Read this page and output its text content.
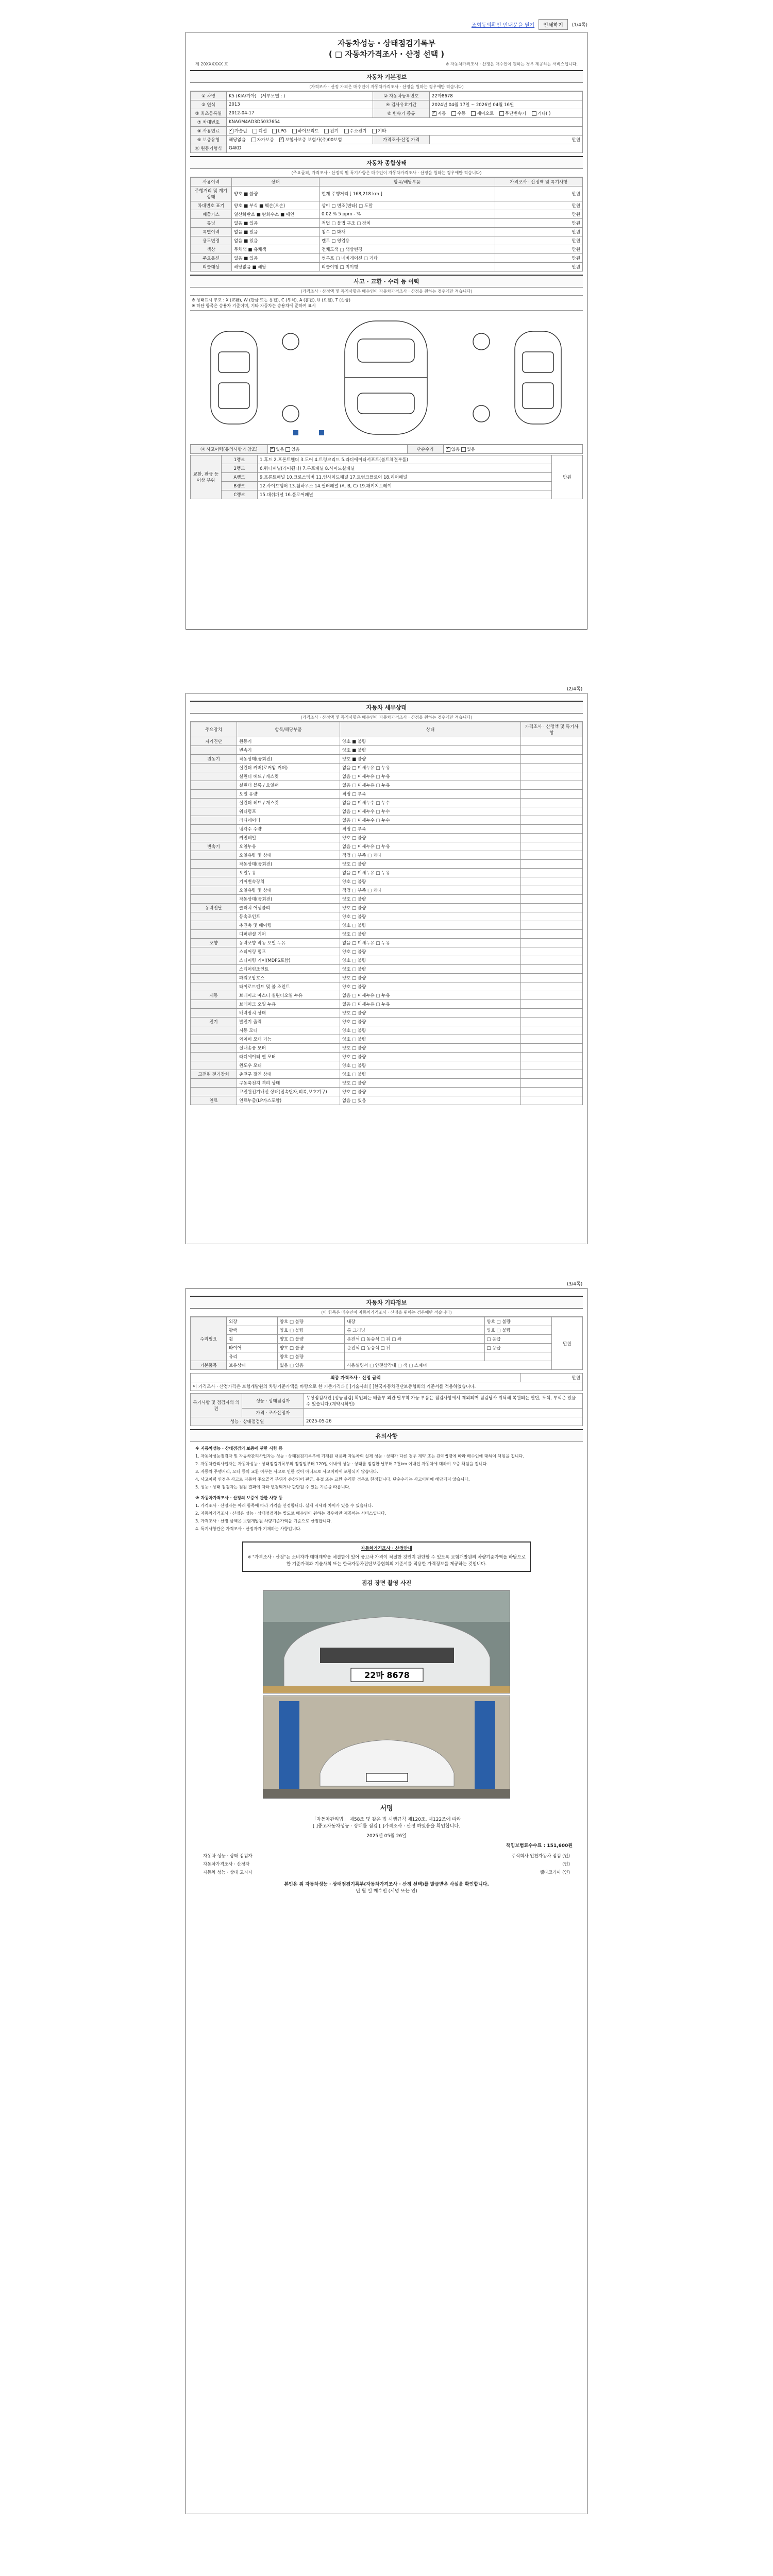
조회동의확인 안내문을 열기	인쇄하기	(1/4쪽)
자동차성능 · 상태점검기록부
( □ 자동차가격조사 · 산정 선택 )
제 20XXXXXX 호	※ 자동차가격조사 · 산정은 매수인이 원하는 경우 제공하는 서비스입니다.
자동차 기본정보
(가격조사 · 산정 가격은 매수인이 자동차가격조사 · 산정을 원하는 경우에만 적습니다)
① 차명	K5 (KIA/기아) (세부모델 : )	② 자동차등록번호	22마8678
③ 연식	2013	④ 검사유효기간	2024년 04월 17일 ~ 2026년 04월 16일
⑤ 최초등록일	2012-04-17	⑥ 변속기 종류	✓자동 수동 세미오토 무단변속기 기타( )
⑦ 차대번호	KNAGM4AD3D5037654		
⑧ 사용연료	✓가솔린 디젤 LPG 하이브리드 전기 수소전기 기타
⑨ 보증유형	해당없음 자가보증 ✓ 보험사보증 보험사(주)00보험	가격조사·산정 가격	만원
⑪ 원동기형식	G4KD		
자동차 종합상태
(주요골격, 가격조사 · 산정액 및 특기사항은 매수인이 자동차가격조사 · 산정을 원하는 경우에만 적습니다)
사용이력	상태	항목/해당부품	가격조사 · 산정액 및 특기사항
주행거리 및 계기상태	양호 ■ 불량	현재 주행거리 [ 168,218 km ]	만원
차대번호 표기	양호 ■ 부식 ■ 훼손(오손)	상이 □ 변조(변타) □ 도말	만원
배출가스	일산화탄소 ■ 탄화수소 ■ 매연	0.02 % 5 ppm - %	만원
튜닝	없음 ■ 있음	적법 □ 불법 구조 □ 장치	만원
특별이력	없음 ■ 있음	침수 □ 화재	만원
용도변경	없음 ■ 있음	렌트 □ 영업용	만원
색상	무채색 ■ 유채색	전체도색 □ 색상변경	만원
주요옵션	없음 ■ 있음	썬루프 □ 네비게이션 □ 기타	만원
리콜대상	해당없음 ■ 해당	리콜이행 □ 미이행	만원
사고 · 교환 · 수리 등 이력
(가격조사 · 산정액 및 특기사항은 매수인이 자동차가격조사 · 산정을 원하는 경우에만 적습니다)
※ 상태표시 부호 : X (교환), W (판금 또는 용접), C (부식), A (흠집), U (요철), T (손상)
※ 하단 항목은 승용차 기준이며, 기타 자동차는 승용차에 준하여 표시
⑭ 사고이력(유의사항 4 참조)	✓없음 있음	단순수리	✓없음 있음
교환, 판금 등 이상 부위	1랭크	1.후드 2.프론트휀더 3.도어 4.트렁크리드 5.라디에이터서포트(볼트체결부품)	만원
	2랭크	6.쿼터패널(리어휀더) 7.루프패널 8.사이드실패널	
	A랭크	9.프론트패널 10.크로스멤버 11.인사이드패널 17.트렁크플로어 18.리어패널	
	B랭크	12.사이드멤버 13.휠하우스 14.필러패널 (A, B, C) 19.패키지트레이	
	C랭크	15.대쉬패널 16.플로어패널	
(2/4쪽)
자동차 세부상태
(가격조사 · 산정액 및 특기사항은 매수인이 자동차가격조사 · 산정을 원하는 경우에만 적습니다)
주요장치	항목/해당부품	상태	가격조사 · 산정액 및 특기사항
자기진단	원동기	양호 ■ 불량	
	변속기	양호 ■ 불량	
원동기	작동상태(공회전)	양호 ■ 불량	
	실린더 커버(로커암 커버)	없음 □ 미세누유 □ 누유	
	실린더 헤드 / 개스킷	없음 □ 미세누유 □ 누유	
	실린더 블록 / 오일팬	없음 □ 미세누유 □ 누유	
	오일 유량	적정 □ 부족	
	실린더 헤드 / 개스킷	없음 □ 미세누수 □ 누수	
	워터펌프	없음 □ 미세누수 □ 누수	
	라디에이터	없음 □ 미세누수 □ 누수	
	냉각수 수량	적정 □ 부족	
	커먼레일	양호 □ 불량	
변속기	오일누유	없음 □ 미세누유 □ 누유	
	오일유량 및 상태	적정 □ 부족 □ 과다	
	작동상태(공회전)	양호 □ 불량	
	오일누유	없음 □ 미세누유 □ 누유	
	기어변속장치	양호 □ 불량	
	오일유량 및 상태	적정 □ 부족 □ 과다	
	작동상태(공회전)	양호 □ 불량	
동력전달	클러치 어셈블리	양호 □ 불량	
	등속조인트	양호 □ 불량	
	추진축 및 베어링	양호 □ 불량	
	디퍼렌셜 기어	양호 □ 불량	
조향	동력조향 작동 오일 누유	없음 □ 미세누유 □ 누유	
	스티어링 펌프	양호 □ 불량	
	스티어링 기어(MDPS포함)	양호 □ 불량	
	스티어링조인트	양호 □ 불량	
	파워고압호스	양호 □ 불량	
	타이로드엔드 및 볼 조인트	양호 □ 불량	
제동	브레이크 마스터 실린더오일 누유	없음 □ 미세누유 □ 누유	
	브레이크 오일 누유	없음 □ 미세누유 □ 누유	
	배력장치 상태	양호 □ 불량	
전기	발전기 출력	양호 □ 불량	
	시동 모터	양호 □ 불량	
	와이퍼 모터 기능	양호 □ 불량	
	실내송풍 모터	양호 □ 불량	
	라디에이터 팬 모터	양호 □ 불량	
	윈도우 모터	양호 □ 불량	
고전원 전기장치	충전구 절연 상태	양호 □ 불량	
	구동축전지 격리 상태	양호 □ 불량	
	고전원전기배선 상태(접속단자,피복,보호기구)	양호 □ 불량	
연료	연료누출(LP가스포함)	없음 □ 있음	
(3/4쪽)
자동차 기타정보
(이 항목은 매수인이 자동차가격조사 · 산정을 원하는 경우에만 적습니다)
수리필요	외장	양호 □ 불량	내장	양호 □ 불량	만원
	광택	양호 □ 불량	룸 크리닝	양호 □ 불량	
	휠	양호 □ 불량	운전석 □ 동승석 □ 뒤 □ 좌	□ 응급	
	타이어	양호 □ 불량	운전석 □ 동승석 □ 뒤	□ 응급	
	유리	양호 □ 불량			
기본품목	보유상태	없음 □ 있음	사용설명서 □ 안전삼각대 □ 잭 □ 스패너		
최종 가격조사 · 산정 금액	만원
이 가격조사 · 산정가격은 보험개발원의 차량기준가액을 바탕으로 한 기준가격과 [ ]기술사회 [ ]한국자동차진단보증협회의 기준서를 적용하였습니다.
특기사항 및 점검자의 의견	성능 · 상태점검자	무상점검사인 [성능점검] 확인되는 배출부 외관 탈부착 가능 부품은 점검사항에서 제외되며 점검당사 위탁해 복원되는 판단, 도색, 부식은 있을 수 있습니다.(계약시확인)
	가격 · 조사산정자	
성능 · 상태점검일		2025-05-26
유의사항

※ 자동차성능 · 상태점검의 보증에 관한 사항 등

1. 자동차성능점검자 및 자동차관리사업자는 성능 · 상태점검기록부에 기재된 내용과 자동차의 실제 성능 · 상태가 다른 경우 계약 또는 관계법령에 따라 매수인에 대하여 책임을 집니다.

2. 자동차관리사업자는 자동차성능 · 상태점검기록부의 점검일부터 120일 이내에 성능 · 상태를 점검한 날부터 2천km 이내인 자동차에 대하여 보증 책임을 집니다.

3. 자동차 주행거리, 모터 등의 교환 여부는 사고로 인한 것이 아니므로 사고이력에 포함되지 않습니다.

4. 사고이력 인정은 사고로 자동차 주요골격 부위가 손상되어 판금, 용접 또는 교환 수리한 경우로 한정합니다. 단순수리는 사고이력에 해당되지 않습니다.

5. 성능 · 상태 점검자는 점검 결과에 따라 변경되거나 판단될 수 있는 기준을 따릅니다.

※ 자동차가격조사 · 산정의 보증에 관한 사항 등

1. 가격조사 · 산정자는 아래 항목에 따라 가격을 산정합니다. 실제 시세와 차이가 있을 수 있습니다.

2. 자동차가격조사 · 산정은 성능 · 상태점검과는 별도로 매수인이 원하는 경우에만 제공하는 서비스입니다.

3. 가격조사 · 산정 금액은 보험개발원 차량기준가액을 기준으로 산정합니다.

4. 특기사항란은 가격조사 · 산정자가 기재하는 사항입니다.

자동차가격조사 · 산정안내
※ "가격조사 · 산정"는 소비자가 매매계약을 체결함에 있어 중고차 가격이 적절한 것인지 판단할 수 있도록 보험개발원의 차량기준가액을 바탕으로 한 기준가격과 기술사회 또는 한국자동차진단보증협회의 기준서를 적용한 가격정보를 제공하는 것입니다.
점검 장면 촬영 사진
22마 8678
서명
「자동차관리법」 제58조 및 같은 법 시행규칙 제120조, 제122조에 따라
[ ]중고자동차성능 · 상태를 점검 [ ]가격조사 · 산정 하였음을 확인합니다.
2025년 05월 26일
책임보험료수수료 : 151,600원
자동차 성능 · 상태 점검자	주식회사 인천자동차 점검 (인)
자동차가격조사 · 산정자	(인)
자동차 성능 · 상태 고지자	웹다코리아 (인)
본인은 위 자동차성능 · 상태점검기록부(자동차가격조사 · 산정 선택)를 발급받은 사실을 확인합니다.
년 월 일 매수인 (서명 또는 인)
